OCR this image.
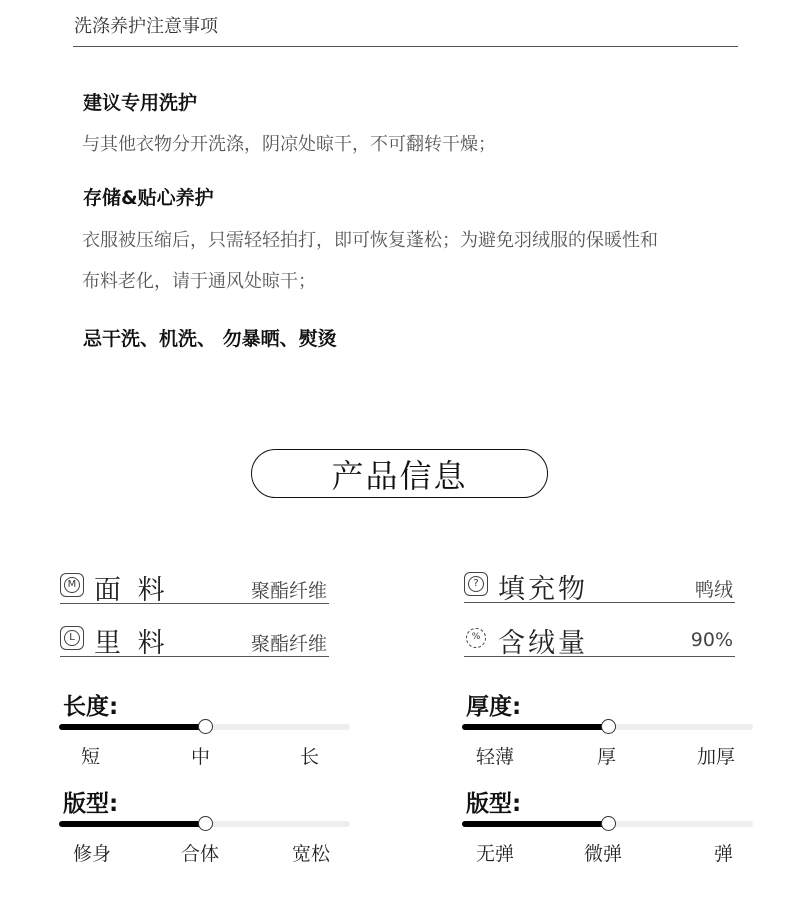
洗涤养护注意事项
建议专用洗护
与其他衣物分开洗涤，阴凉处晾干，不可翻转干燥；
存储&贴心养护
衣服被压缩后，只需轻轻拍打，即可恢复蓬松；为避免羽绒服的保暖性和
布料老化，请于通风处晾干；
忌干洗、机洗、 勿暴晒、熨烫
产品信息
M 面 料	聚酯纤维
L 里 料	聚酯纤维
? 填充物	鸭绒
% 含绒量	90%
长度:
短	中	长
厚度:
轻薄	厚	加厚
版型:
修身	合体	宽松
版型:
无弹	微弹	弹
